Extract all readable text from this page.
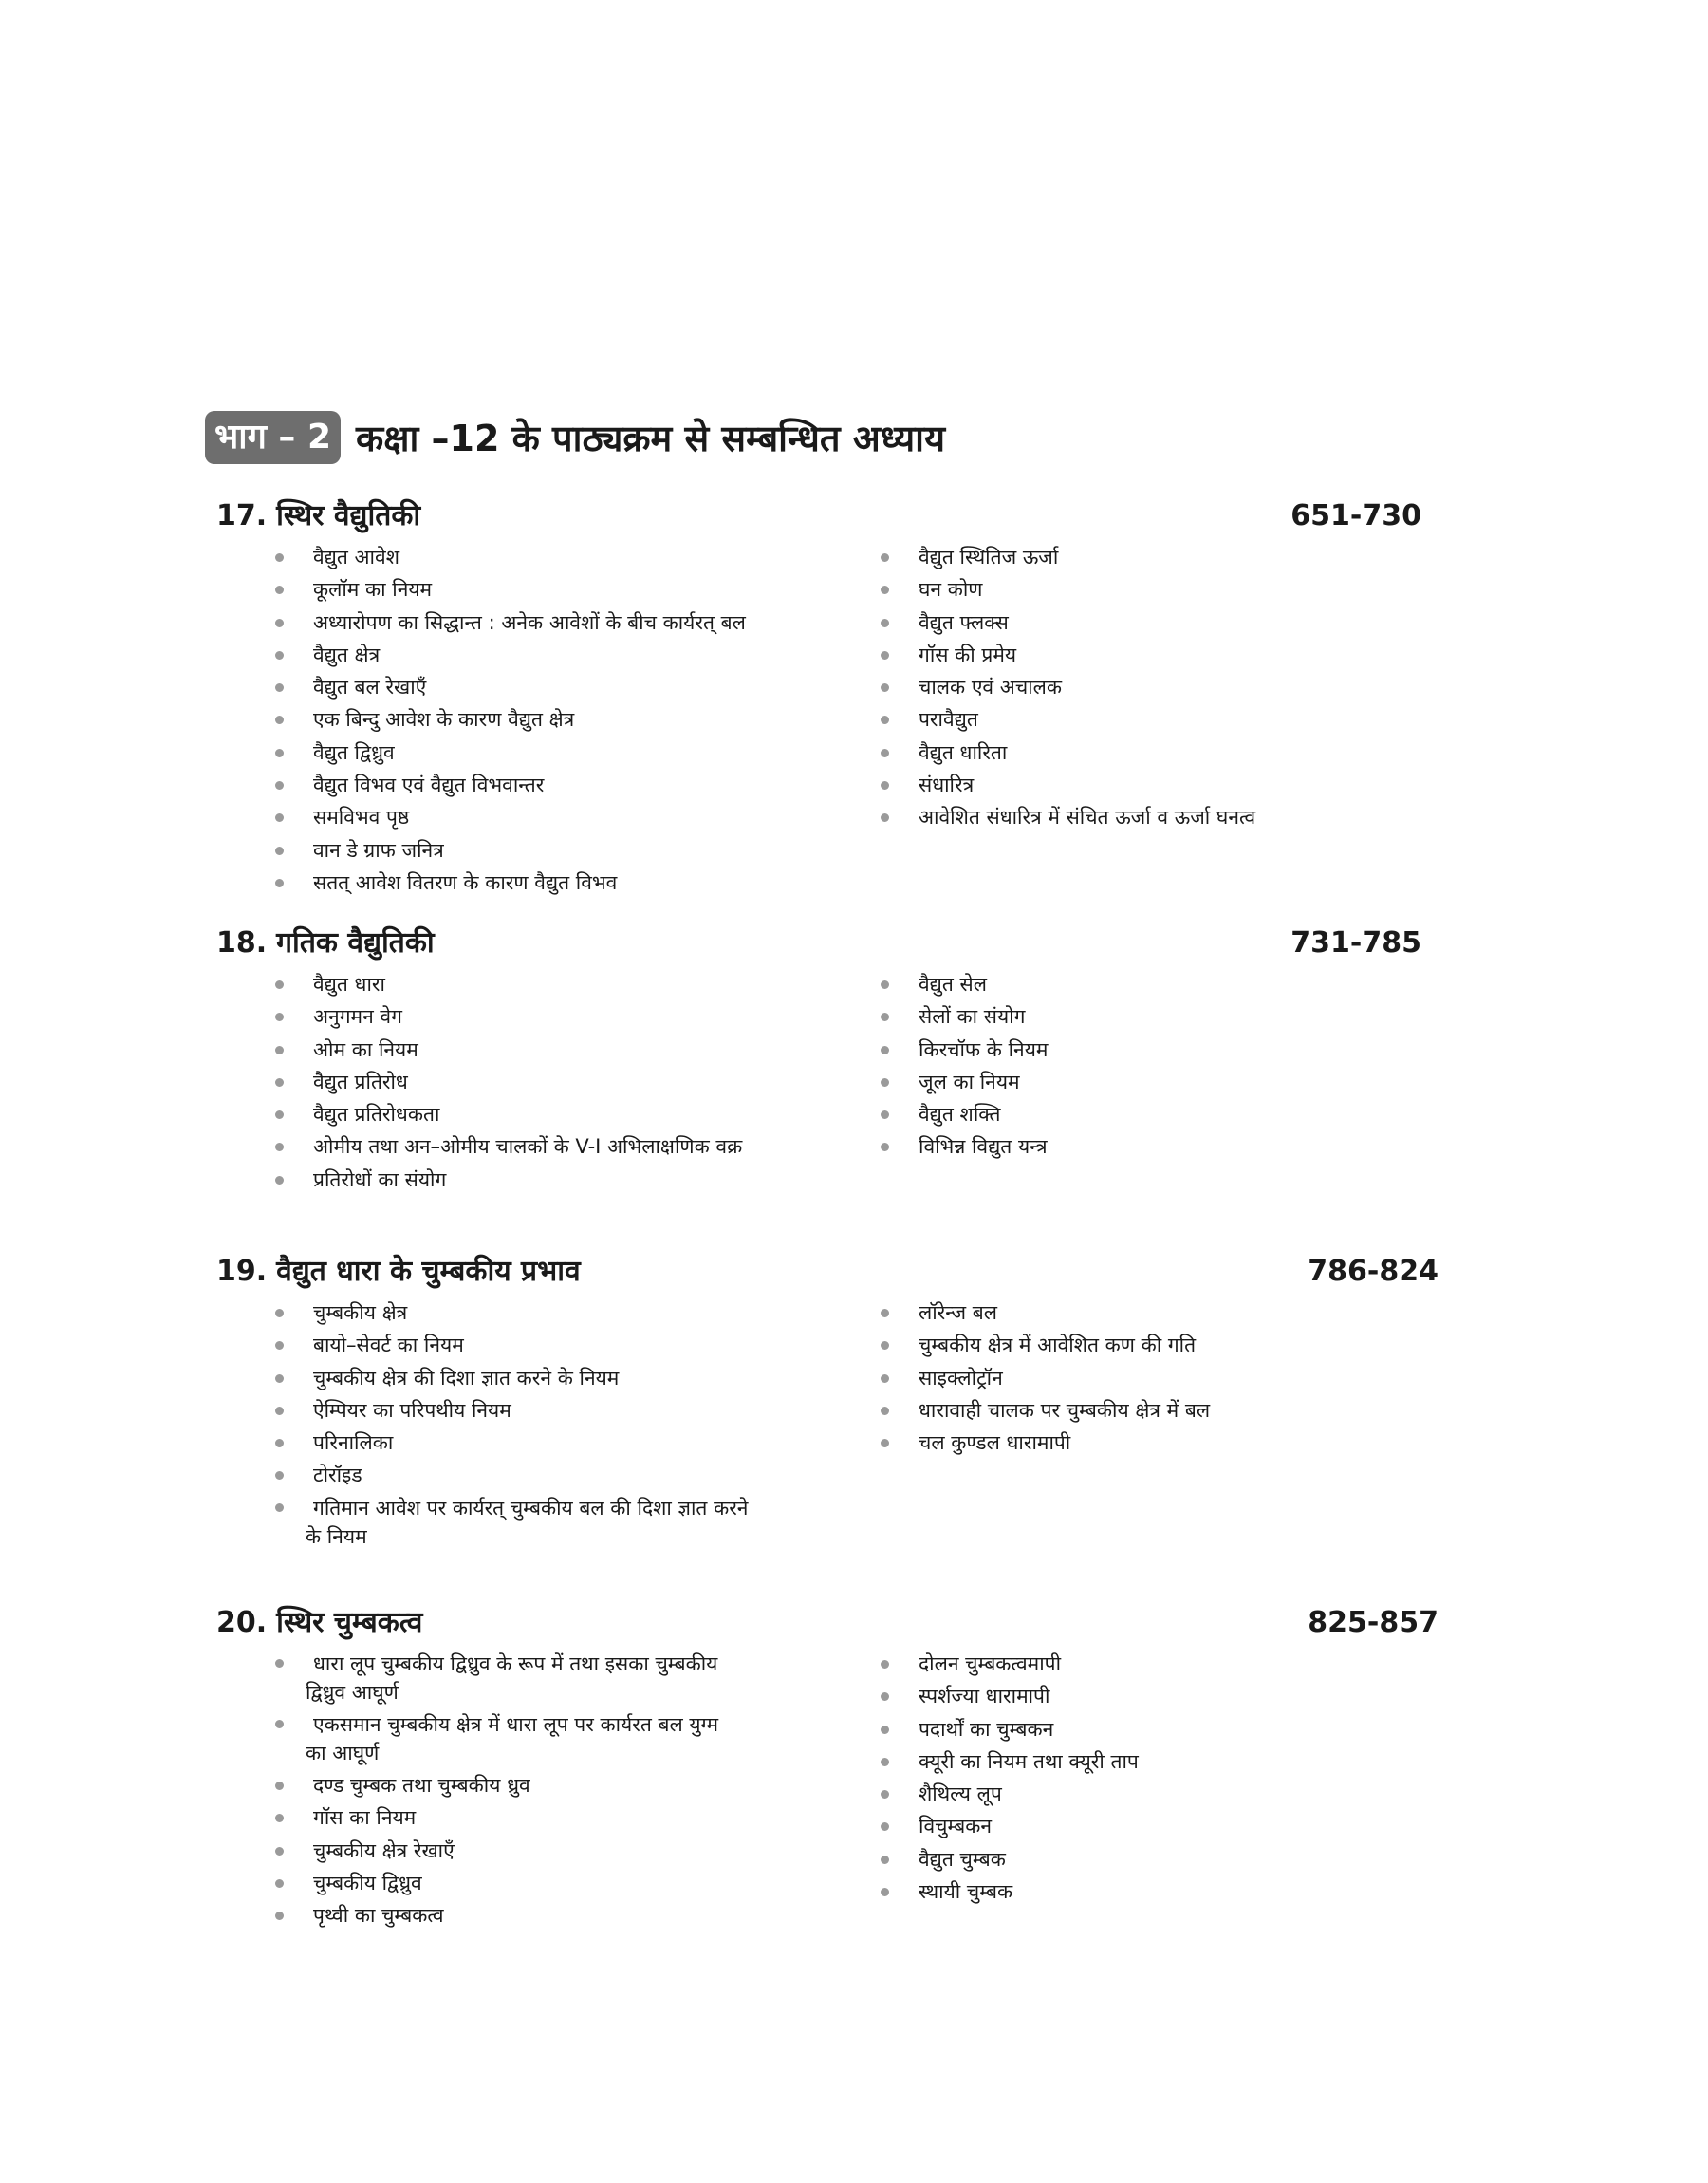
भाग – 2 कक्षा –12 के पाठ्यक्रम से सम्बन्धित अध्याय
17. स्थिर वैद्युतिकी	651-730
वैद्युत आवेश
कूलॉम का नियम
अध्यारोपण का सिद्धान्त : अनेक आवेशों के बीच कार्यरत् बल
वैद्युत क्षेत्र
वैद्युत बल रेखाएँ
एक बिन्दु आवेश के कारण वैद्युत क्षेत्र
वैद्युत द्विध्रुव
वैद्युत विभव एवं वैद्युत विभवान्तर
समविभव पृष्ठ
वान डे ग्राफ जनित्र
सतत् आवेश वितरण के कारण वैद्युत विभव
वैद्युत स्थितिज ऊर्जा
घन कोण
वैद्युत फ्लक्स
गॉस की प्रमेय
चालक एवं अचालक
परावैद्युत
वैद्युत धारिता
संधारित्र
आवेशित संधारित्र में संचित ऊर्जा व ऊर्जा घनत्व
18. गतिक वैद्युतिकी	731-785
वैद्युत धारा
अनुगमन वेग
ओम का नियम
वैद्युत प्रतिरोध
वैद्युत प्रतिरोधकता
ओमीय तथा अन–ओमीय चालकों के V-I अभिलाक्षणिक वक्र
प्रतिरोधों का संयोग
वैद्युत सेल
सेलों का संयोग
किरचॉफ के नियम
जूल का नियम
वैद्युत शक्ति
विभिन्न विद्युत यन्त्र
19. वैद्युत धारा के चुम्बकीय प्रभाव	786-824
चुम्बकीय क्षेत्र
बायो–सेवर्ट का नियम
चुम्बकीय क्षेत्र की दिशा ज्ञात करने के नियम
ऐम्पियर का परिपथीय नियम
परिनालिका
टोरॉइड
गतिमान आवेश पर कार्यरत् चुम्बकीय बल की दिशा ज्ञात करने
के नियम
लॉरेन्ज बल
चुम्बकीय क्षेत्र में आवेशित कण की गति
साइक्लोट्रॉन
धारावाही चालक पर चुम्बकीय क्षेत्र में बल
चल कुण्डल धारामापी
20. स्थिर चुम्बकत्व	825-857
धारा लूप चुम्बकीय द्विध्रुव के रूप में तथा इसका चुम्बकीय
द्विध्रुव आघूर्ण
एकसमान चुम्बकीय क्षेत्र में धारा लूप पर कार्यरत बल युग्म
का आघूर्ण
दण्ड चुम्बक तथा चुम्बकीय ध्रुव
गॉस का नियम
चुम्बकीय क्षेत्र रेखाएँ
चुम्बकीय द्विध्रुव
पृथ्वी का चुम्बकत्व
दोलन चुम्बकत्वमापी
स्पर्शज्या धारामापी
पदार्थों का चुम्बकन
क्यूरी का नियम तथा क्यूरी ताप
शैथिल्य लूप
विचुम्बकन
वैद्युत चुम्बक
स्थायी चुम्बक
